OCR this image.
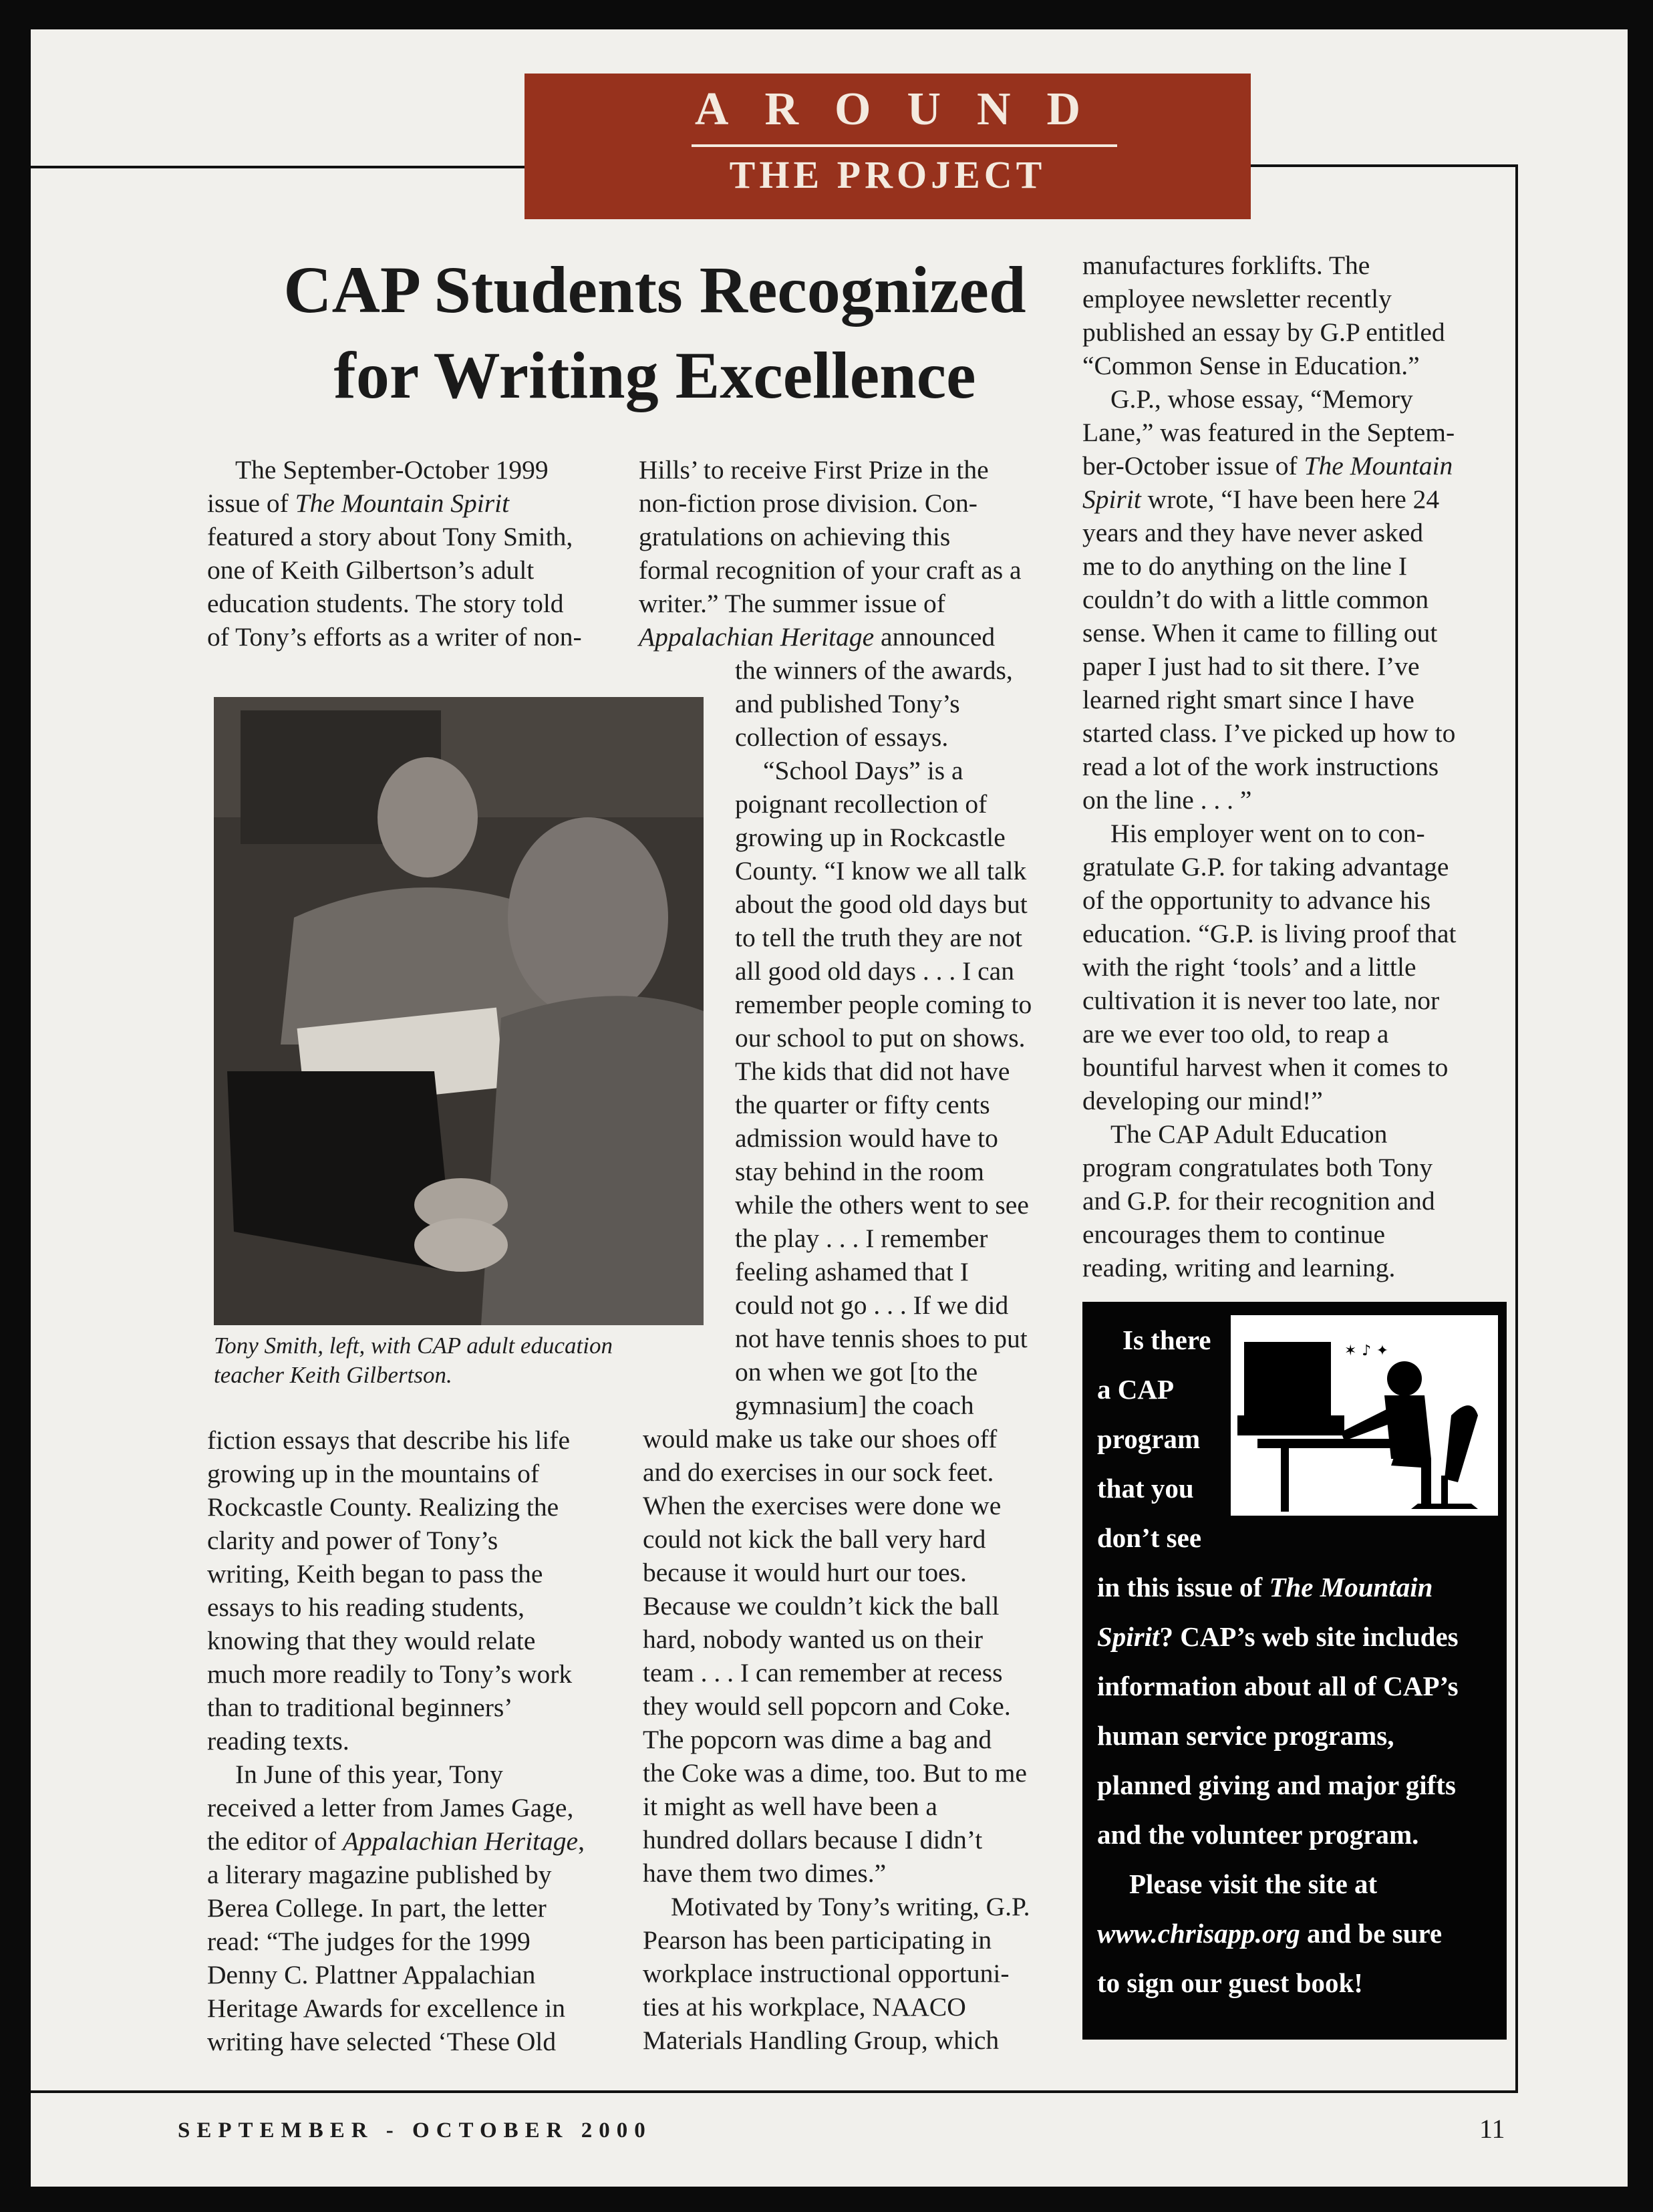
AROUND
THE PROJECT
CAP Students Recognized
for Writing Excellence

The September-October 1999
issue of The Mountain Spirit
featured a story about Tony Smith,
one of Keith Gilbertson’s adult
education students. The story told
of Tony’s efforts as a writer of non-

Tony Smith, left, with CAP adult education
teacher Keith Gilbertson.

fiction essays that describe his life
growing up in the mountains of
Rockcastle County. Realizing the
clarity and power of Tony’s
writing, Keith began to pass the
essays to his reading students,
knowing that they would relate
much more readily to Tony’s work
than to traditional beginners’
reading texts.

In June of this year, Tony
received a letter from James Gage,
the editor of Appalachian Heritage,
a literary magazine published by
Berea College. In part, the letter
read: “The judges for the 1999
Denny C. Plattner Appalachian
Heritage Awards for excellence in
writing have selected ‘These Old

Hills’ to receive First Prize in the
non-fiction prose division. Con-
gratulations on achieving this
formal recognition of your craft as a
writer.” The summer issue of
Appalachian Heritage announced

the winners of the awards,
and published Tony’s
collection of essays.

“School Days” is a
poignant recollection of
growing up in Rockcastle
County. “I know we all talk
about the good old days but
to tell the truth they are not
all good old days . . . I can
remember people coming to
our school to put on shows.
The kids that did not have
the quarter or fifty cents
admission would have to
stay behind in the room
while the others went to see
the play . . . I remember
feeling ashamed that I
could not go . . . If we did
not have tennis shoes to put
on when we got [to the
gymnasium] the coach

would make us take our shoes off
and do exercises in our sock feet.
When the exercises were done we
could not kick the ball very hard
because it would hurt our toes.
Because we couldn’t kick the ball
hard, nobody wanted us on their
team . . . I can remember at recess
they would sell popcorn and Coke.
The popcorn was dime a bag and
the Coke was a dime, too. But to me
it might as well have been a
hundred dollars because I didn’t
have them two dimes.”

Motivated by Tony’s writing, G.P.
Pearson has been participating in
workplace instructional opportuni-
ties at his workplace, NAACO
Materials Handling Group, which

manufactures forklifts. The
employee newsletter recently
published an essay by G.P entitled
“Common Sense in Education.”

G.P., whose essay, “Memory
Lane,” was featured in the Septem-
ber-October issue of The Mountain
Spirit wrote, “I have been here 24
years and they have never asked
me to do anything on the line I
couldn’t do with a little common
sense. When it came to filling out
paper I just had to sit there. I’ve
learned right smart since I have
started class. I’ve picked up how to
read a lot of the work instructions
on the line . . . ”

His employer went on to con-
gratulate G.P. for taking advantage
of the opportunity to advance his
education. “G.P. is living proof that
with the right ‘tools’ and a little
cultivation it is never too late, nor
are we ever too old, to reap a
bountiful harvest when it comes to
developing our mind!”

The CAP Adult Education
program congratulates both Tony
and G.P. for their recognition and
encourages them to continue
reading, writing and learning.

✶ ♪ ✦
Is there
a CAP
program
that you
don’t see
in this issue of The Mountain
Spirit? CAP’s web site includes
information about all of CAP’s
human service programs,
planned giving and major gifts
and the volunteer program.
Please visit the site at
www.chrisapp.org and be sure
to sign our guest book!
SEPTEMBER - OCTOBER 2000	11
